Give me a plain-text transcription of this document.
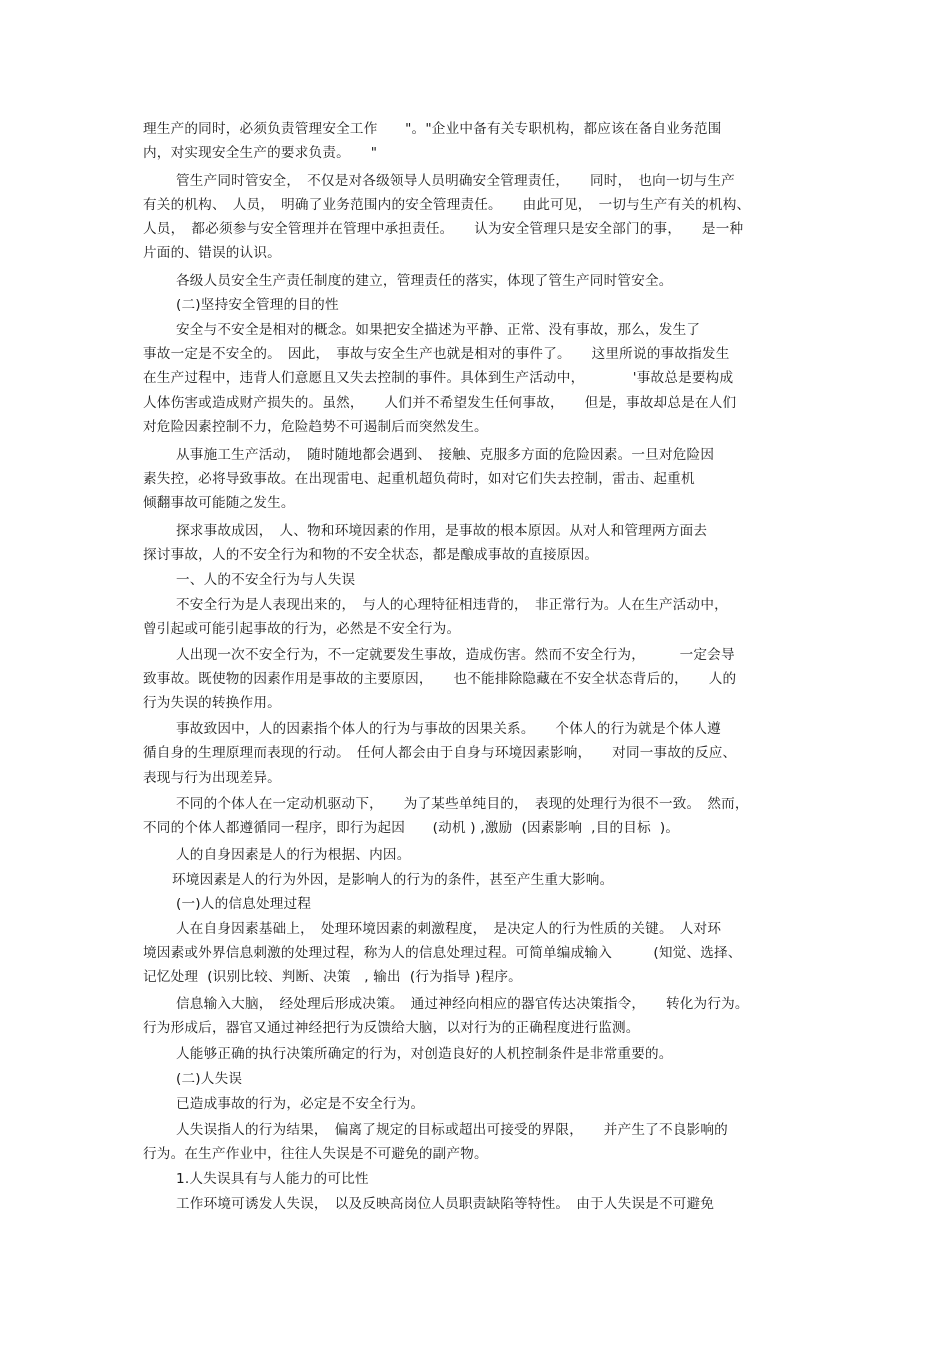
理生产的同时，必须负责管理安全工作　　"。"企业中备有关专职机构，都应该在备自业务范围
内，对实现安全生产的要求负责。　　"
管生产同时管安全，　不仅是对各级领导人员明确安全管理责任，　　同时，　也向一切与生产
有关的机构、　人员，　明确了业务范围内的安全管理责任。　　由此可见，　一切与生产有关的机构、
人员，　都必须参与安全管理并在管理中承担责任。　　认为安全管理只是安全部门的事，　　是一种
片面的、错误的认识。
各级人员安全生产责任制度的建立，管理责任的落实，体现了管生产同时管安全。
(二)坚持安全管理的目的性
安全与不安全是相对的概念。如果把安全描述为平静、正常、没有事故，那么，发生了
事故一定是不安全的。　因此，　事故与安全生产也就是相对的事件了。　　这里所说的事故指发生
在生产过程中，违背人们意愿且又失去控制的事件。具体到生产活动中，　　　　'事故总是要构成
人体伤害或造成财产损失的。虽然，　　人们并不希望发生任何事故，　　但是，事故却总是在人们
对危险因素控制不力，危险趋势不可遏制后而突然发生。
从事施工生产活动，　随时随地都会遇到、　接触、克服多方面的危险因素。一旦对危险因
素失控，必将导致事故。在出现雷电、起重机超负荷时，如对它们失去控制，雷击、起重机
倾翻事故可能随之发生。
探求事故成因，　人、物和环境因素的作用，是事故的根本原因。从对人和管理两方面去
探讨事故，人的不安全行为和物的不安全状态，都是酿成事故的直接原因。
一、人的不安全行为与人失误
不安全行为是人表现出来的，　与人的心理特征相违背的，　非正常行为。人在生产活动中，
曾引起或可能引起事故的行为，必然是不安全行为。
人出现一次不安全行为，不一定就要发生事故，造成伤害。然而不安全行为，　　　一定会导
致事故。既使物的因素作用是事故的主要原因，　　也不能排除隐藏在不安全状态背后的，　　人的
行为失误的转换作用。
事故致因中，人的因素指个体人的行为与事故的因果关系。　　个体人的行为就是个体人遵
循自身的生理原理而表现的行动。　任何人都会由于自身与环境因素影响，　　对同一事故的反应、
表现与行为出现差异。
不同的个体人在一定动机驱动下，　　为了某些单纯目的，　表现的处理行为很不一致。　然而，
不同的个体人都遵循同一程序，即行为起因　　(动机 ) ,激励  (因素影响  ,目的目标  )。
人的自身因素是人的行为根据、内因。
环境因素是人的行为外因，是影响人的行为的条件，甚至产生重大影响。
(一)人的信息处理过程
人在自身因素基础上，　处理环境因素的刺激程度，　是决定人的行为性质的关键。　人对环
境因素或外界信息刺激的处理过程，称为人的信息处理过程。可简单编成输入　　　(知觉、选择、
记忆处理  (识别比较、判断、决策   , 输出  (行为指导 )程序。
信息输入大脑，　经处理后形成决策。　通过神经向相应的器官传达决策指令，　　转化为行为。
行为形成后，器官又通过神经把行为反馈给大脑，以对行为的正确程度进行监测。
人能够正确的执行决策所确定的行为，对创造良好的人机控制条件是非常重要的。
(二)人失误
已造成事故的行为，必定是不安全行为。
人失误指人的行为结果，　偏离了规定的目标或超出可接受的界限，　　并产生了不良影响的
行为。在生产作业中，往往人失误是不可避免的副产物。
1.人失误具有与人能力的可比性
工作环境可诱发人失误，　以及反映高岗位人员职责缺陷等特性。　由于人失误是不可避免
